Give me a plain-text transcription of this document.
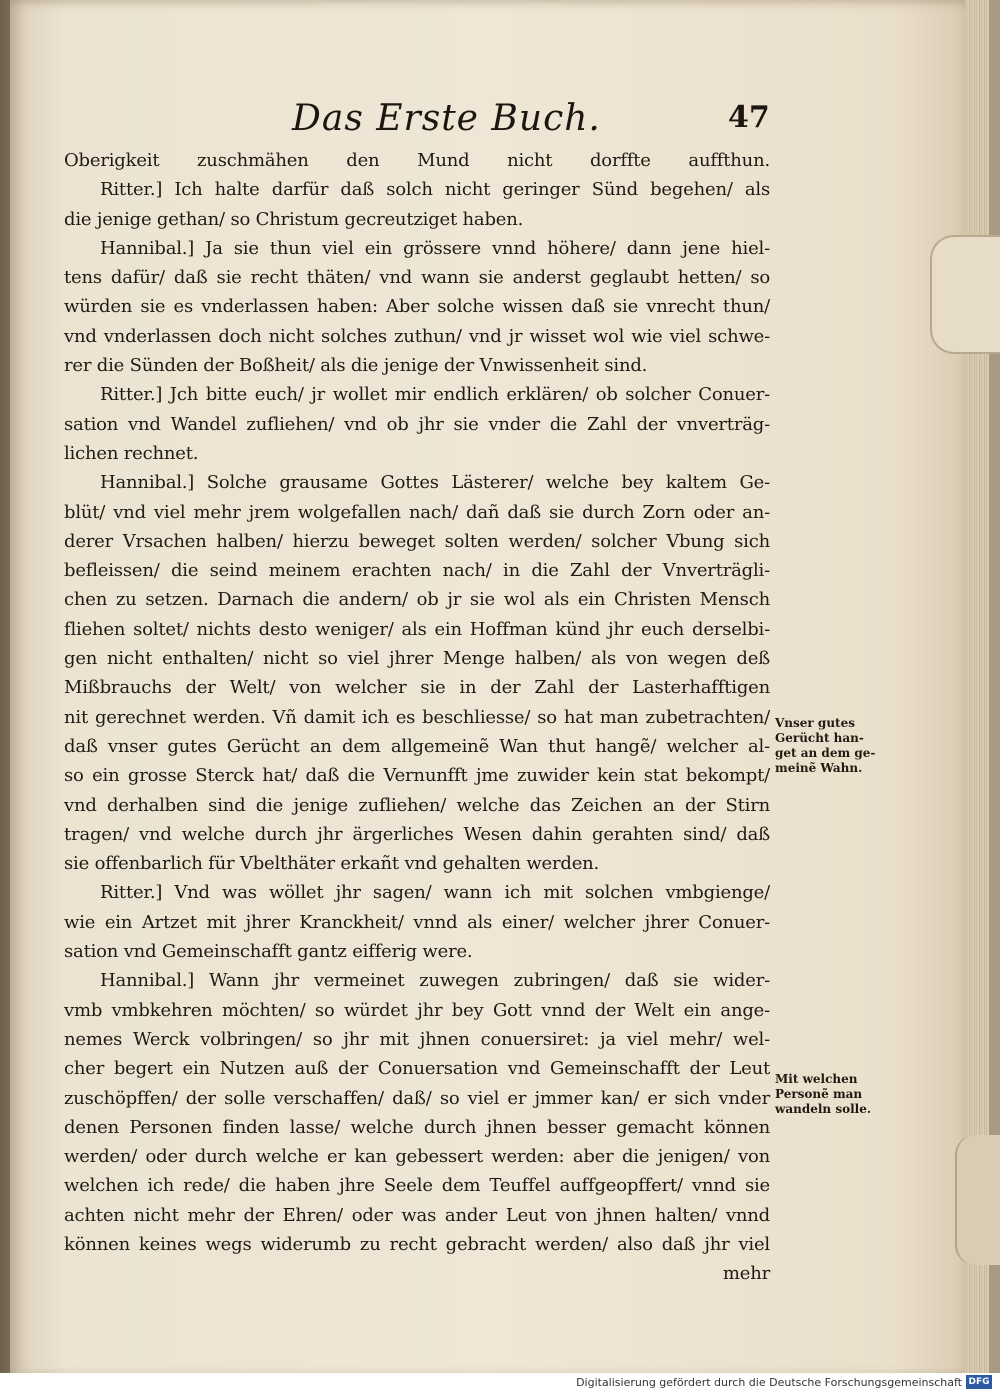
Das Erste Buch.	47
Oberigkeit zuschmähen den Mund nicht dorffte auffthun.
Ritter.] Ich halte darfür daß solch nicht geringer Sünd begehen/ als
die jenige gethan/ so Christum gecreutziget haben.
Hannibal.] Ja sie thun viel ein grössere vnnd höhere/ dann jene hiel-
tens dafür/ daß sie recht thäten/ vnd wann sie anderst geglaubt hetten/ so
würden sie es vnderlassen haben: Aber solche wissen daß sie vnrecht thun/
vnd vnderlassen doch nicht solches zuthun/ vnd jr wisset wol wie viel schwe-
rer die Sünden der Boßheit/ als die jenige der Vnwissenheit sind.
Ritter.] Jch bitte euch/ jr wollet mir endlich erklären/ ob solcher Conuer-
sation vnd Wandel zufliehen/ vnd ob jhr sie vnder die Zahl der vnverträg-
lichen rechnet.
Hannibal.] Solche grausame Gottes Lästerer/ welche bey kaltem Ge-
blüt/ vnd viel mehr jrem wolgefallen nach/ dañ daß sie durch Zorn oder an-
derer Vrsachen halben/ hierzu beweget solten werden/ solcher Vbung sich
befleissen/ die seind meinem erachten nach/ in die Zahl der Vnverträgli-
chen zu setzen. Darnach die andern/ ob jr sie wol als ein Christen Mensch
fliehen soltet/ nichts desto weniger/ als ein Hoffman künd jhr euch derselbi-
gen nicht enthalten/ nicht so viel jhrer Menge halben/ als von wegen deß
Mißbrauchs der Welt/ von welcher sie in der Zahl der Lasterhafftigen
nit gerechnet werden. Vñ damit ich es beschliesse/ so hat man zubetrachten/
daß vnser gutes Gerücht an dem allgemeinẽ Wan thut hangẽ/ welcher al-
so ein grosse Sterck hat/ daß die Vernunfft jme zuwider kein stat bekompt/
vnd derhalben sind die jenige zufliehen/ welche das Zeichen an der Stirn
tragen/ vnd welche durch jhr ärgerliches Wesen dahin gerahten sind/ daß
sie offenbarlich für Vbelthäter erkañt vnd gehalten werden.
Ritter.] Vnd was wöllet jhr sagen/ wann ich mit solchen vmbgienge/
wie ein Artzet mit jhrer Kranckheit/ vnnd als einer/ welcher jhrer Conuer-
sation vnd Gemeinschafft gantz eifferig were.
Hannibal.] Wann jhr vermeinet zuwegen zubringen/ daß sie wider-
vmb vmbkehren möchten/ so würdet jhr bey Gott vnnd der Welt ein ange-
nemes Werck volbringen/ so jhr mit jhnen conuersiret: ja viel mehr/ wel-
cher begert ein Nutzen auß der Conuersation vnd Gemeinschafft der Leut
zuschöpffen/ der solle verschaffen/ daß/ so viel er jmmer kan/ er sich vnder
denen Personen finden lasse/ welche durch jhnen besser gemacht können
werden/ oder durch welche er kan gebessert werden: aber die jenigen/ von
welchen ich rede/ die haben jhre Seele dem Teuffel auffgeopffert/ vnnd sie
achten nicht mehr der Ehren/ oder was ander Leut von jhnen halten/ vnnd
können keines wegs widerumb zu recht gebracht werden/ also daß jhr viel
mehr
Vnser gutes
Gerücht han-
get an dem ge-
meinẽ Wahn.
Mit welchen
Personẽ man
wandeln solle.
Digitalisierung gefördert durch die Deutsche Forschungsgemeinschaft DFG
